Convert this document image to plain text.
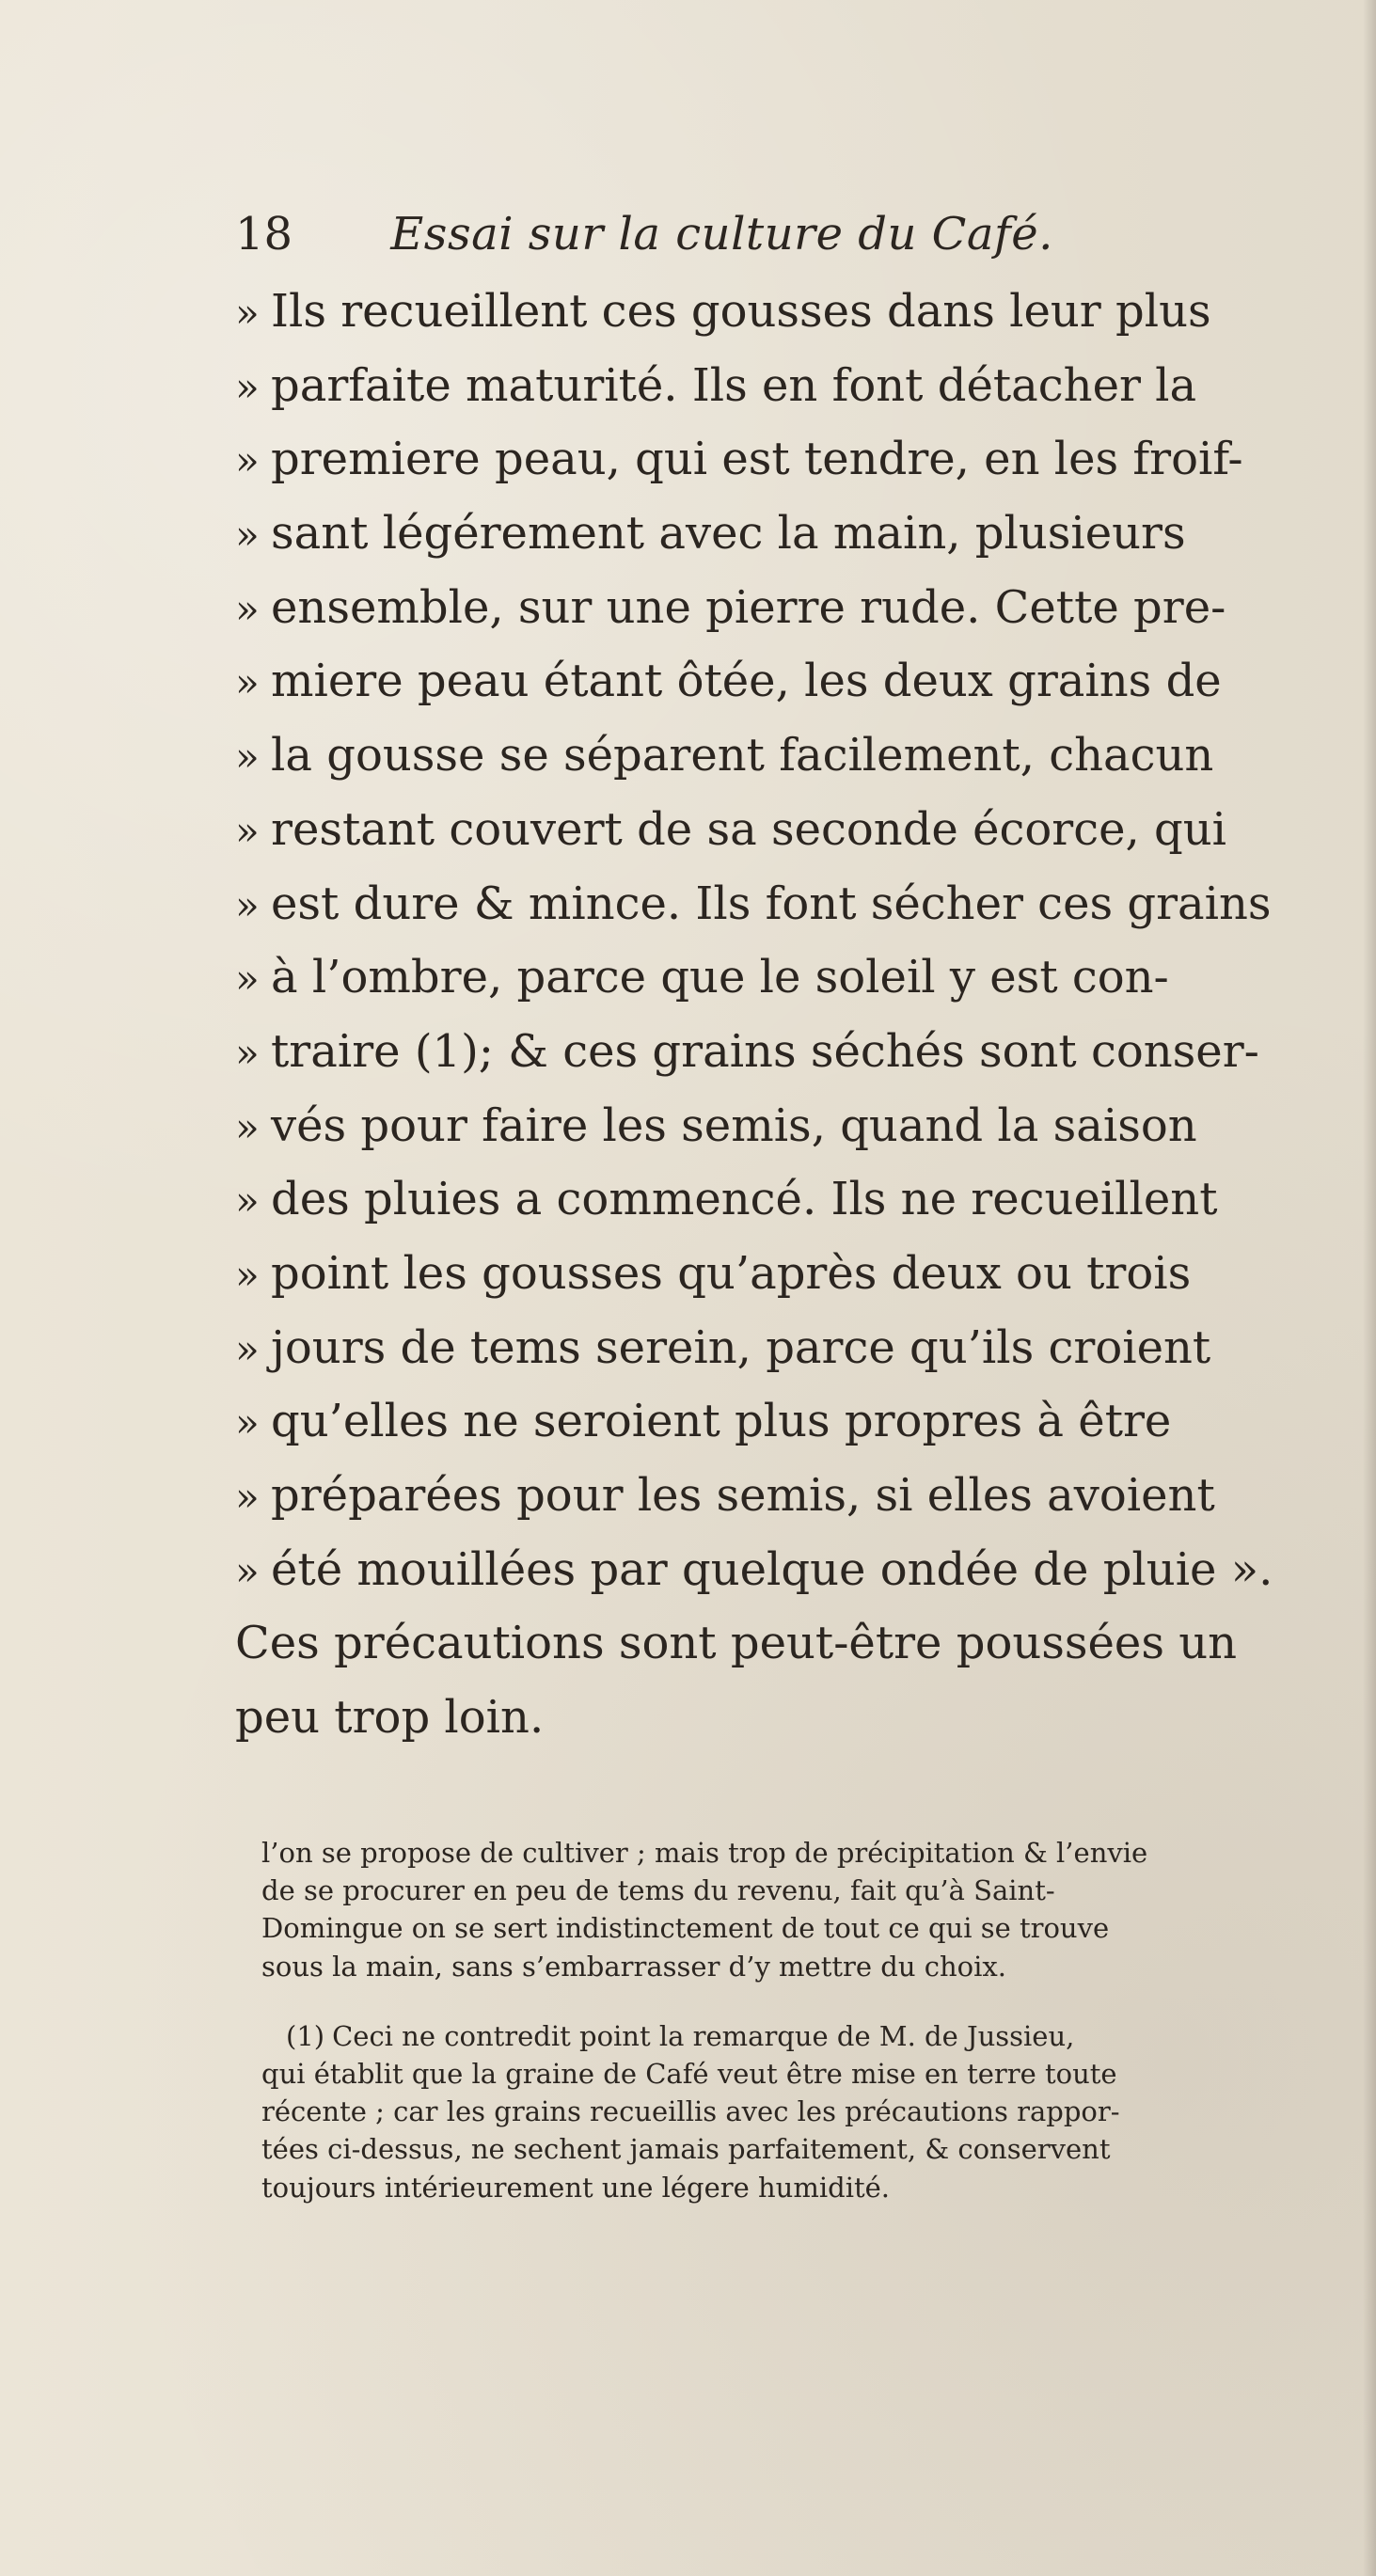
18 Essai sur la culture du Café.
» Ils recueillent ces gousses dans leur plus
» parfaite maturité. Ils en font détacher la
» premiere peau, qui est tendre, en les froif-
» sant légérement avec la main, plusieurs
» ensemble, sur une pierre rude. Cette pre-
» miere peau étant ôtée, les deux grains de
» la gousse se séparent facilement, chacun
» restant couvert de sa seconde écorce, qui
» est dure & mince. Ils font sécher ces grains
» à l’ombre, parce que le soleil y est con-
» traire (1); & ces grains séchés sont conser-
» vés pour faire les semis, quand la saison
» des pluies a commencé. Ils ne recueillent
» point les gousses qu’après deux ou trois
» jours de tems serein, parce qu’ils croient
» qu’elles ne seroient plus propres à être
» préparées pour les semis, si elles avoient
» été mouillées par quelque ondée de pluie ».
Ces précautions sont peut-être poussées un
peu trop loin.
l’on se propose de cultiver ; mais trop de précipitation & l’envie
de se procurer en peu de tems du revenu, fait qu’à Saint-
Domingue on se sert indistinctement de tout ce qui se trouve
sous la main, sans s’embarrasser d’y mettre du choix.
(1) Ceci ne contredit point la remarque de M. de Jussieu,
qui établit que la graine de Café veut être mise en terre toute
récente ; car les grains recueillis avec les précautions rappor-
tées ci-dessus, ne sechent jamais parfaitement, & conservent
toujours intérieurement une légere humidité.
